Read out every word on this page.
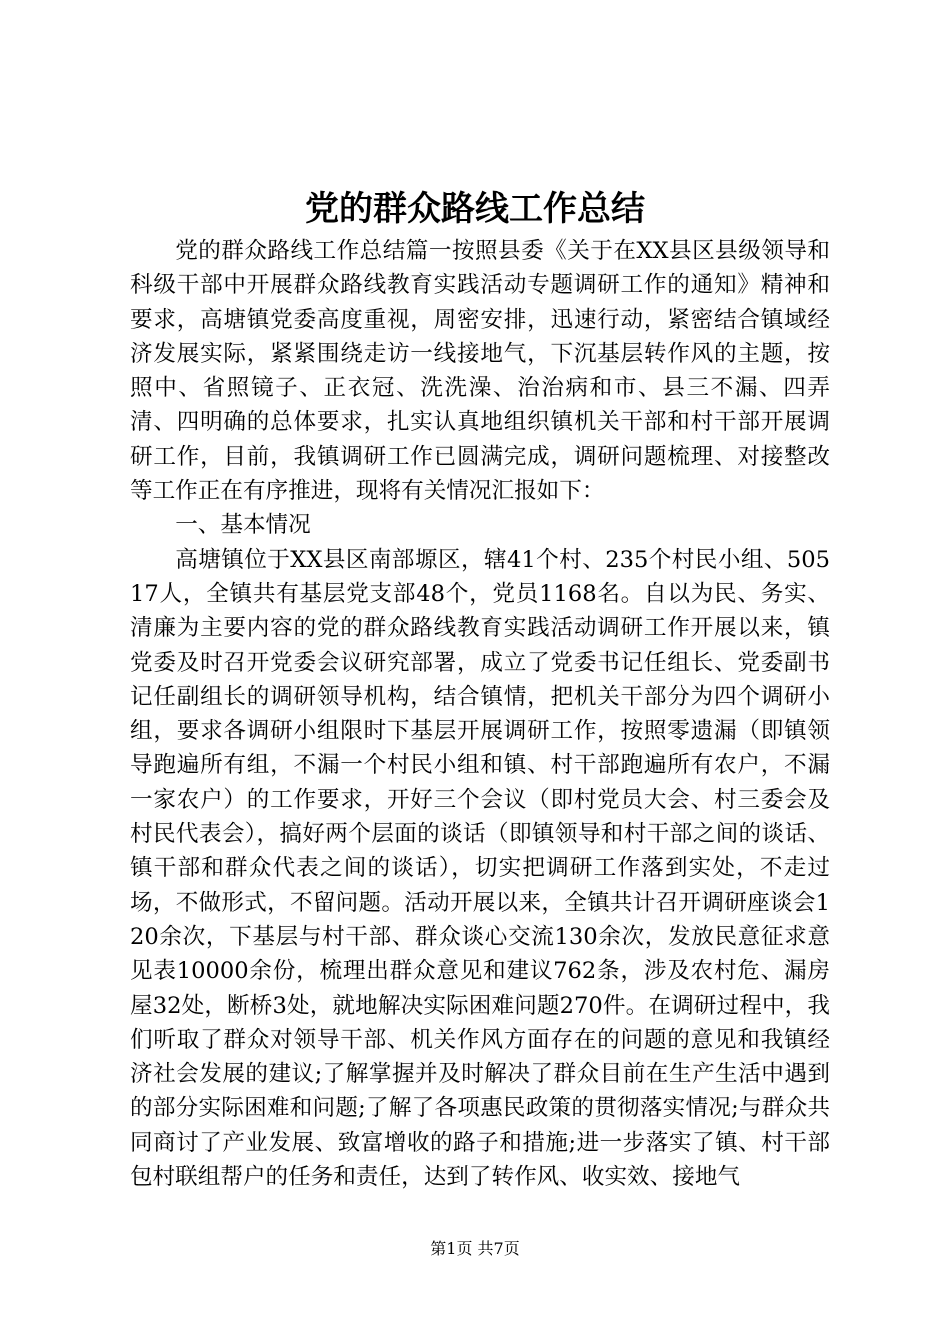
党的群众路线工作总结

党的群众路线工作总结篇一按照县委《关于在XX县区县级领导和科级干部中开展群众路线教育实践活动专题调研工作的通知》精神和要求，高塘镇党委高度重视，周密安排，迅速行动，紧密结合镇域经济发展实际，紧紧围绕走访一线接地气，下沉基层转作风的主题，按照中、省照镜子、正衣冠、洗洗澡、治治病和市、县三不漏、四弄清、四明确的总体要求，扎实认真地组织镇机关干部和村干部开展调研工作，目前，我镇调研工作已圆满完成，调研问题梳理、对接整改等工作正在有序推进，现将有关情况汇报如下：

一、基本情况

高塘镇位于XX县区南部塬区，辖41个村、235个村民小组、50517人，全镇共有基层党支部48个，党员1168名。自以为民、务实、清廉为主要内容的党的群众路线教育实践活动调研工作开展以来，镇党委及时召开党委会议研究部署，成立了党委书记任组长、党委副书记任副组长的调研领导机构，结合镇情，把机关干部分为四个调研小组，要求各调研小组限时下基层开展调研工作，按照零遗漏（即镇领导跑遍所有组，不漏一个村民小组和镇、村干部跑遍所有农户，不漏一家农户）的工作要求，开好三个会议（即村党员大会、村三委会及村民代表会），搞好两个层面的谈话（即镇领导和村干部之间的谈话、镇干部和群众代表之间的谈话），切实把调研工作落到实处，不走过场，不做形式，不留问题。活动开展以来，全镇共计召开调研座谈会120余次，下基层与村干部、群众谈心交流130余次，发放民意征求意见表10000余份，梳理出群众意见和建议762条，涉及农村危、漏房屋32处，断桥3处，就地解决实际困难问题270件。在调研过程中，我们听取了群众对领导干部、机关作风方面存在的问题的意见和我镇经济社会发展的建议;了解掌握并及时解决了群众目前在生产生活中遇到的部分实际困难和问题;了解了各项惠民政策的贯彻落实情况;与群众共同商讨了产业发展、致富增收的路子和措施;进一步落实了镇、村干部包村联组帮户的任务和责任，达到了转作风、收实效、接地气

第1页 共7页
